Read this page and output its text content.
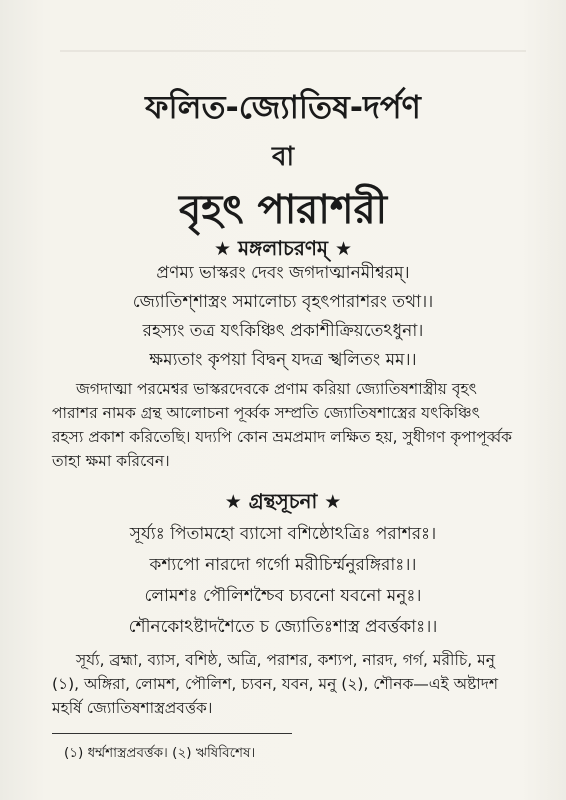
ফলিত-জ্যোতিষ-দর্পণ
বা
বৃহৎ পারাশরী
★ মঙ্গলাচরণম্ ★
প্রণম্য ভাস্করং দেবং জগদাত্মানমীশ্বরম্।
জ্যোতিশ্শাস্ত্রং সমালোচ্য বৃহৎপারাশরং তথা।।
রহস্যং তত্র যৎকিঞ্চিৎ প্রকাশীক্রিয়তেঽধুনা।
ক্ষম্যতাং কৃপয়া বিদ্বন্ যদত্র স্খলিতং মম।।
জগদাত্মা পরমেশ্বর ভাস্করদেবকে প্রণাম করিয়া জ্যোতিষশাস্ত্রীয় বৃহৎ
পারাশর নামক গ্রন্থ আলোচনা পূর্ব্বক সম্প্রতি জ্যোতিষশাস্ত্রের যৎকিঞ্চিৎ
রহস্য প্রকাশ করিতেছি। যদ্যপি কোন ভ্রমপ্রমাদ লক্ষিত হয়, সুধীগণ কৃপাপূর্ব্বক
তাহা ক্ষমা করিবেন।
★ গ্রন্থসূচনা ★
সূর্য্যঃ পিতামহো ব্যাসো বশিষ্ঠোঽত্রিঃ পরাশরঃ।
কশ্যপো নারদো গর্গো মরীচির্ম্মনুরঙ্গিরাঃ।।
লোমশঃ পৌলিশশ্চৈব চ্যবনো যবনো মনুঃ।
শৌনকোঽষ্টাদশৈতে চ জ্যোতিঃশাস্ত্র প্রবর্ত্তকাঃ।।
সূর্য্য, ব্রহ্মা, ব্যাস, বশিষ্ঠ, অত্রি, পরাশর, কশ্যপ, নারদ, গর্গ, মরীচি, মনু
(১), অঙ্গিরা, লোমশ, পৌলিশ, চ্যবন, যবন, মনু (২), শৌনক—এই অষ্টাদশ
মহর্ষি জ্যোতিষশাস্ত্রপ্রবর্ত্তক।
(১) ধর্ম্মশাস্ত্রপ্রবর্ত্তক। (২) ঋষিবিশেষ।
